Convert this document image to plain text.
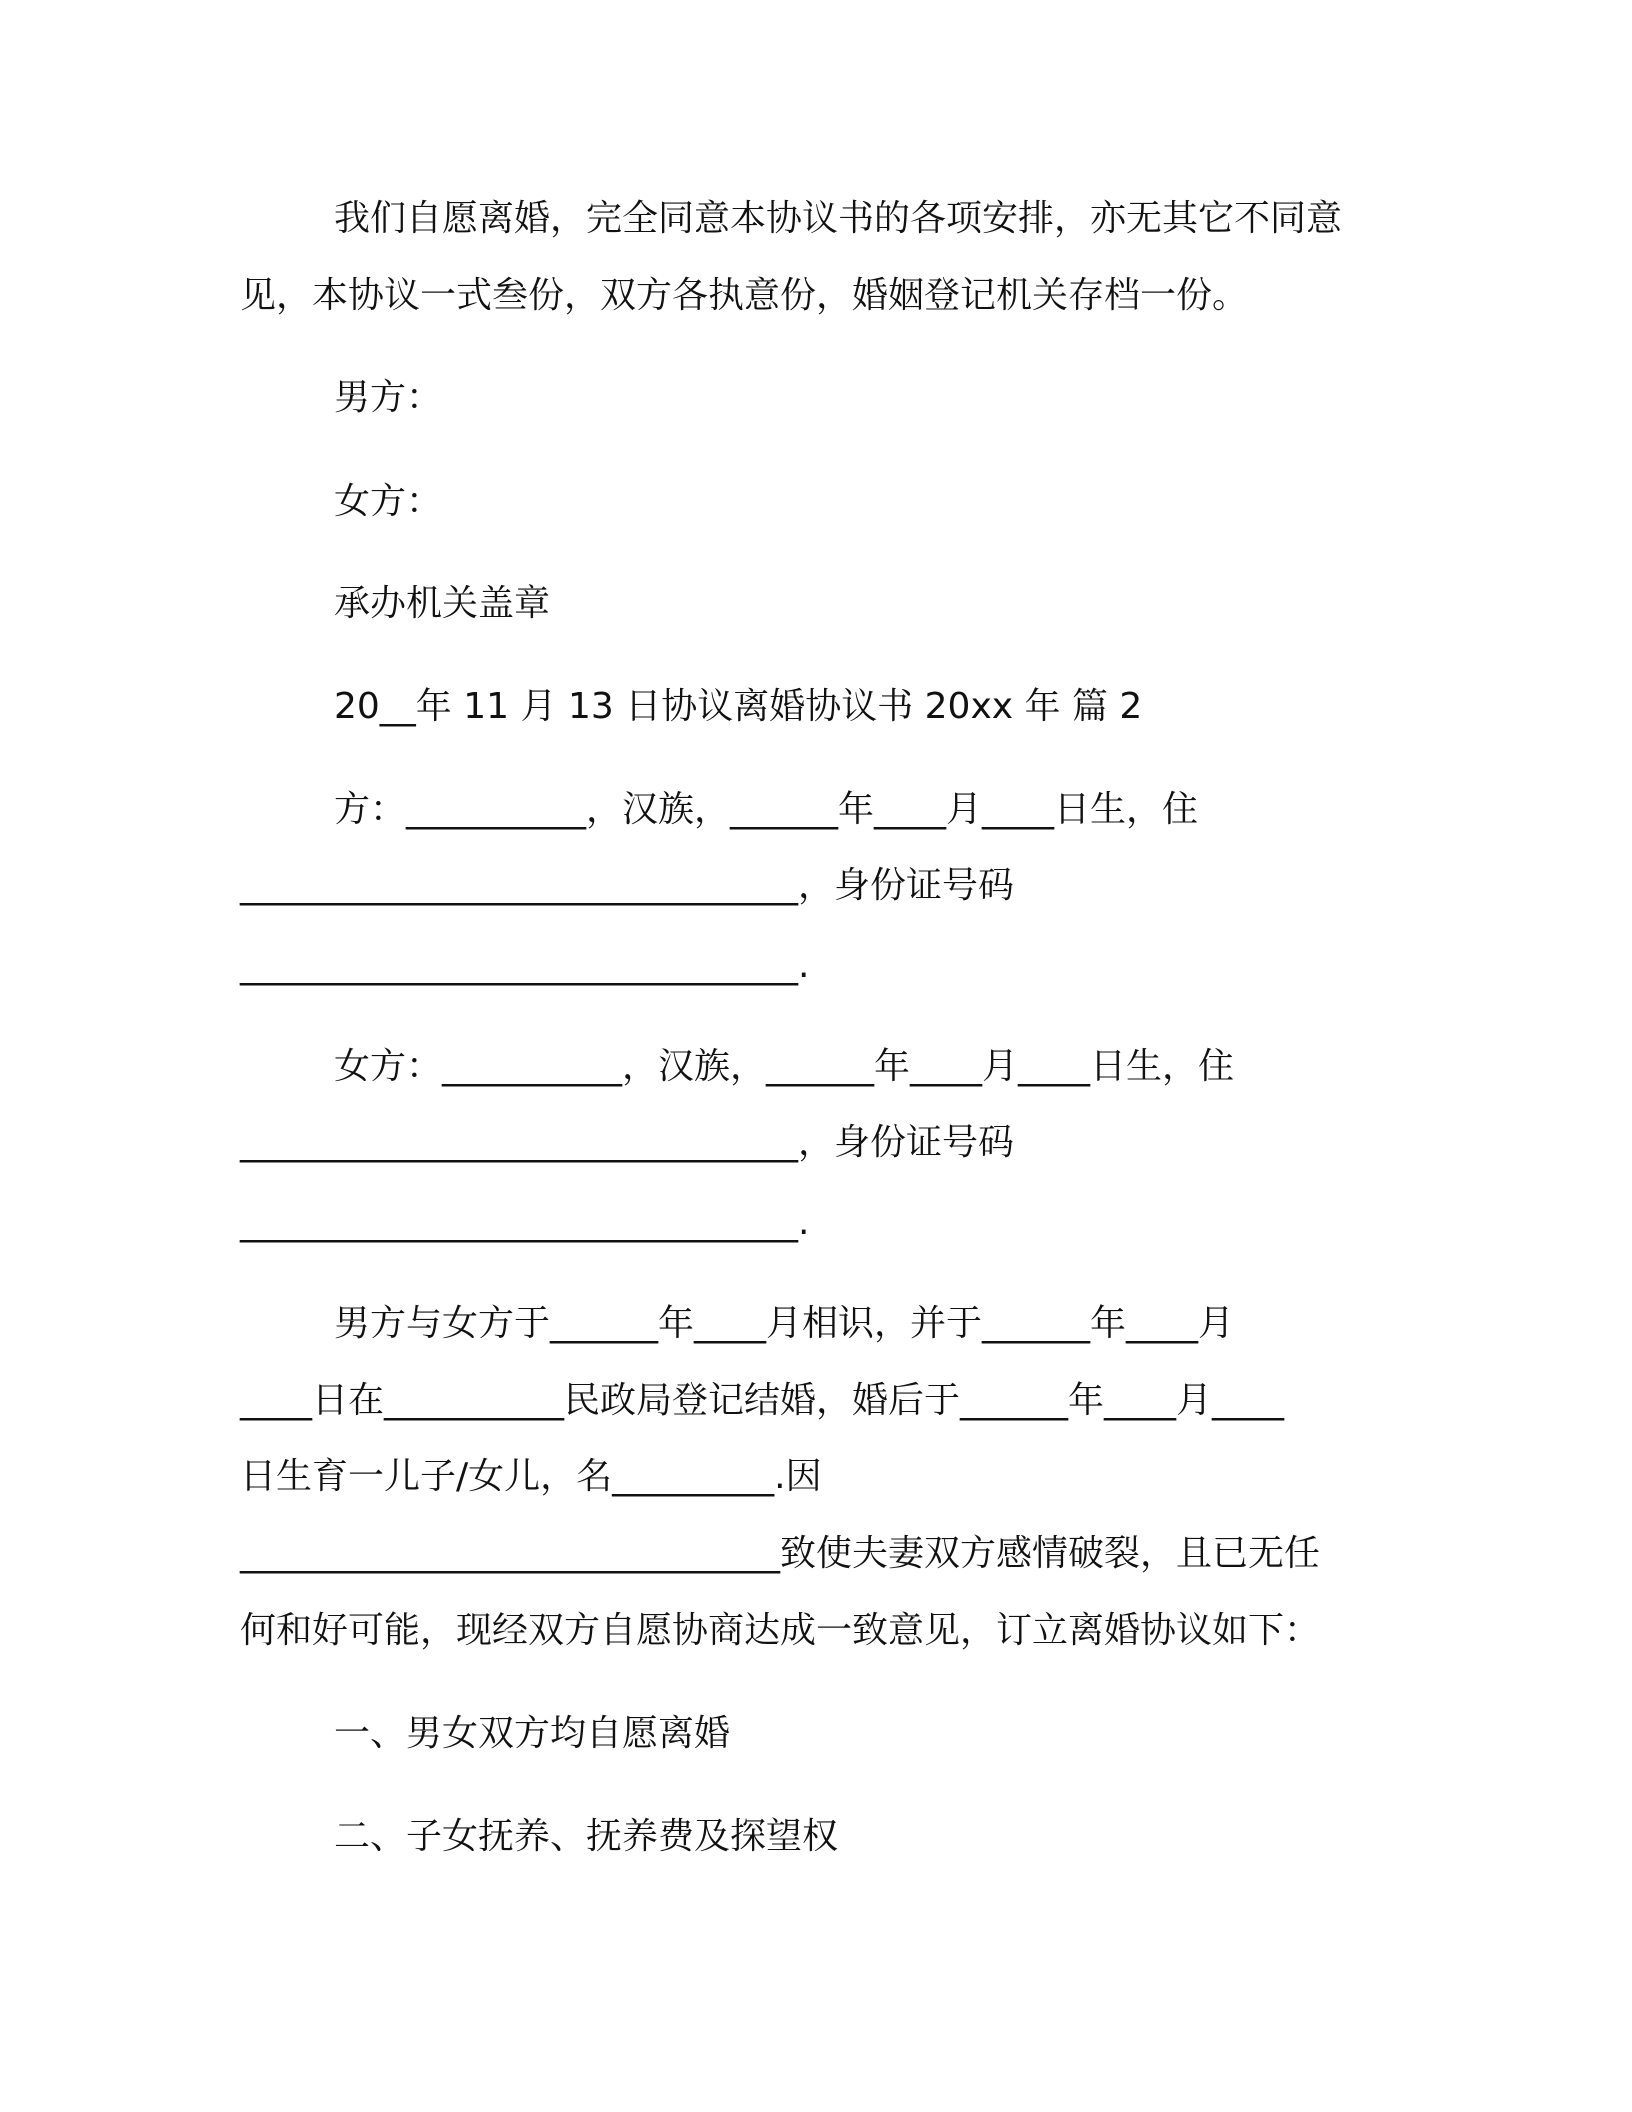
我们自愿离婚，完全同意本协议书的各项安排，亦无其它不同意
见，本协议一式叁份，双方各执意份，婚姻登记机关存档一份。
男方：
女方：
承办机关盖章
20__年 11 月 13 日协议离婚协议书 20xx 年 篇 2
方：__________，汉族，______年____月____日生，住
_______________________________，身份证号码
_______________________________.
女方：__________，汉族，______年____月____日生，住
_______________________________，身份证号码
_______________________________.
男方与女方于______年____月相识，并于______年____月
____日在__________民政局登记结婚，婚后于______年____月____
日生育一儿子/女儿，名_________.因
______________________________致使夫妻双方感情破裂，且已无任
何和好可能，现经双方自愿协商达成一致意见，订立离婚协议如下：
一、男女双方均自愿离婚
二、子女抚养、抚养费及探望权
